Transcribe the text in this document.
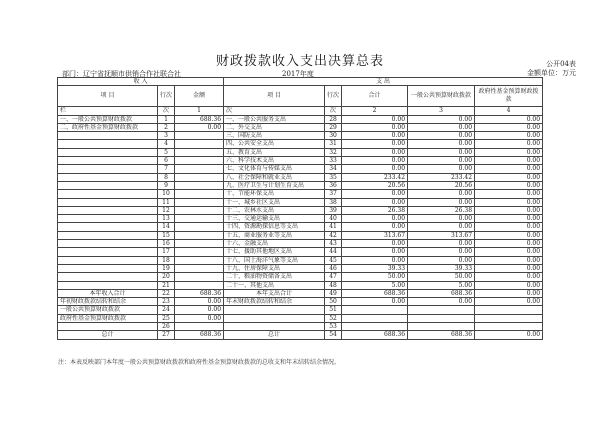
财政拨款收入支出决算总表	公开04表
金额单位：万元
部门：辽宁省抚顺市供销合作社联合社	2017年度
收 入			支 出				
项 目	行次	金额	项 目	行次	合计	一般公共预算财政拨款	政府性基金预算财政拨款
栏	次	1	次	次	2	3	4
一、一般公共预算财政拨款	1	688.36	一、一般公共服务支出	28	0.00	0.00	0.00
二、政府性基金预算财政拨款	2	0.00	二、外交支出	29	0.00	0.00	0.00
	3		三、国防支出	30	0.00	0.00	0.00
	4		四、公共安全支出	31	0.00	0.00	0.00
	5		五、教育支出	32	0.00	0.00	0.00
	6		六、科学技术支出	33	0.00	0.00	0.00
	7		七、文化体育与传媒支出	34	0.00	0.00	0.00
	8		八、社会保障和就业支出	35	233.42	233.42	0.00
	9		九、医疗卫生与计划生育支出	36	20.56	20.56	0.00
	10		十、节能环保支出	37	0.00	0.00	0.00
	11		十一、城乡社区支出	38	0.00	0.00	0.00
	12		十二、农林水支出	39	26.38	26.38	0.00
	13		十三、交通运输支出	40	0.00	0.00	0.00
	14		十四、资源勘探信息等支出	41	0.00	0.00	0.00
	15		十五、商业服务业等支出	42	313.67	313.67	0.00
	16		十六、金融支出	43	0.00	0.00	0.00
	17		十七、援助其他地区支出	44	0.00	0.00	0.00
	18		十八、国土海洋气象等支出	45	0.00	0.00	0.00
	19		十九、住房保障支出	46	39.33	39.33	0.00
	20		二十、粮油物资储备支出	47	50.00	50.00	0.00
	21		二十一、其他支出	48	5.00	5.00	0.00
本年收入合计	22	688.36	本年支出合计	49	688.36	688.36	0.00
年初财政拨款结转和结余	23	0.00	年末财政拨款结转和结余	50	0.00	0.00	0.00
一般公共预算财政拨款	24	0.00		51			
政府性基金预算财政拨款	25	0.00		52			
	26			53			
总计	27	688.36	总计	54	688.36	688.36	0.00
注：本表反映部门本年度一般公共预算财政拨款和政府性基金预算财政拨款的总收支和年末结转结余情况。
